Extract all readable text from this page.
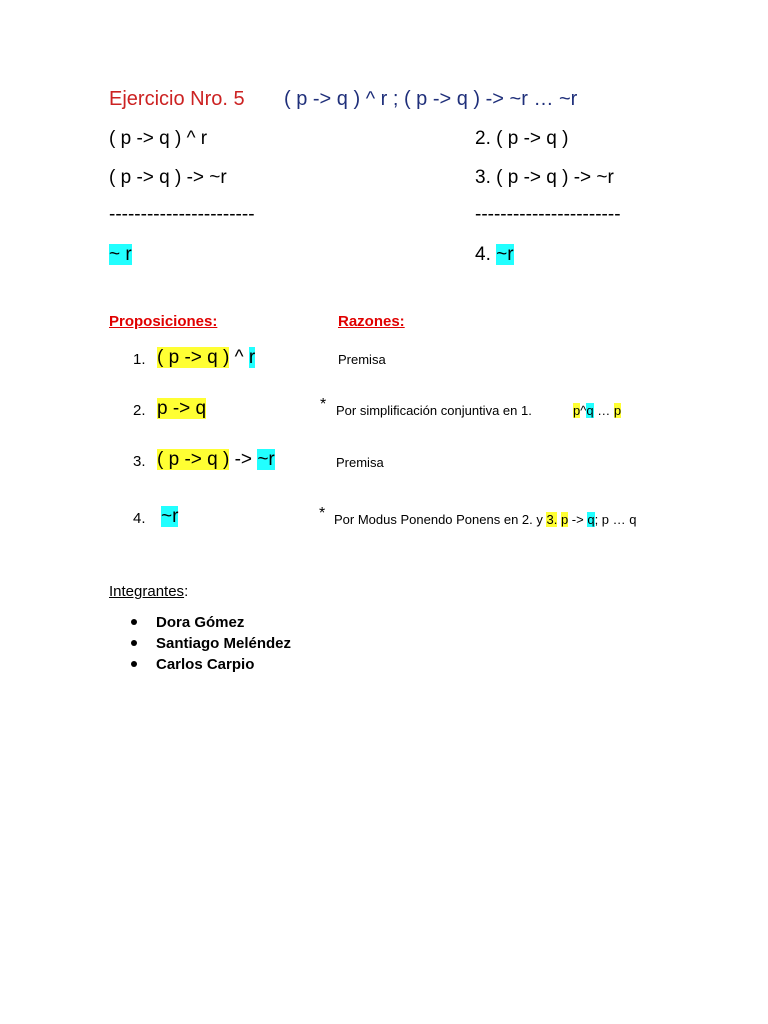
Ejercicio Nro. 5 ( p -> q ) ^ r ; ( p -> q ) -> ~r … ~r
( p -> q ) ^ r
( p -> q ) -> ~r
-----------------------
~ r
2. ( p -> q )
3. ( p -> q ) -> ~r
-----------------------
4. ~r
Proposiciones:	Razones:
1. ( p -> q ) ^ r	Premisa
2. p -> q	* Por simplificación conjuntiva en 1.	p^q … p
3. ( p -> q ) -> ~r	Premisa
4. ~r	* Por Modus Ponendo Ponens en 2. y 3. p -> q; p … q
Integrantes:
Dora Gómez
Santiago Meléndez
Carlos Carpio
